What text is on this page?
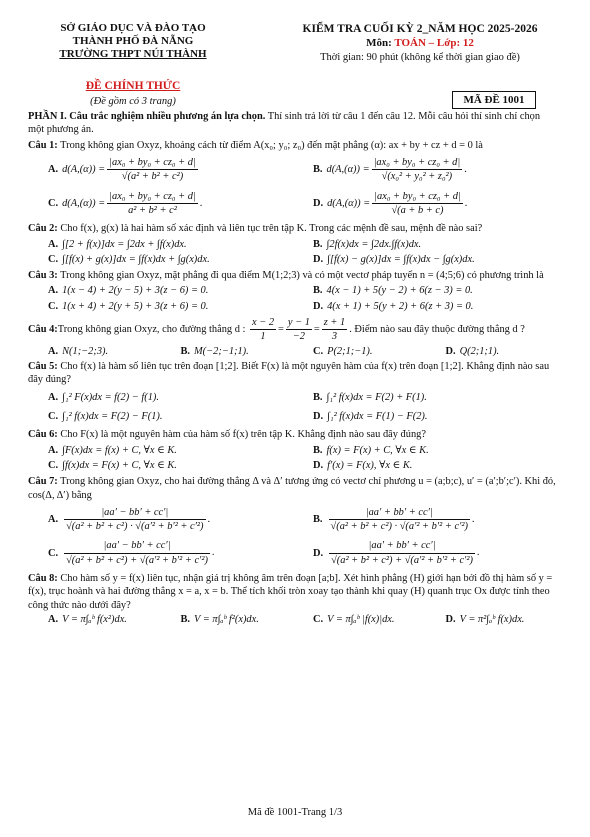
SỞ GIÁO DỤC VÀ ĐÀO TẠO
THÀNH PHỐ ĐÀ NẴNG
TRƯỜNG THPT NÚI THÀNH
ĐỀ CHÍNH THỨC
(Đề gồm có 3 trang)
KIỂM TRA CUỐI KỲ 2_NĂM HỌC 2025-2026
Môn: TOÁN – Lớp: 12
Thời gian: 90 phút (không kể thời gian giao đề)
MÃ ĐỀ 1001
PHẦN I. Câu trắc nghiệm nhiều phương án lựa chọn. Thí sinh trả lời từ câu 1 đến câu 12. Mỗi câu hỏi thí sinh chỉ chọn một phương án.
Câu 1: Trong không gian Oxyz, khoảng cách từ điểm A(x₀; y₀; z₀) đến mặt phẳng (α): ax + by + cz + d = 0 là
A. $d(A,(\alpha)) = \frac{\text{|ax₀ + by₀ + cz₀ + d|}}{\text{√(a² + b² + c²)}}$	B. $d(A,(\alpha)) = \frac{\text{|ax₀ + by₀ + cz₀ + d|}}{\text{√(x₀² + y₀² + z₀²)}}$ .
C. $d(A,(\alpha)) = \frac{\text{|ax₀ + by₀ + cz₀ + d|}}{\text{a² + b² + c²}}$ .	D. $d(A,(\alpha)) = \frac{\text{|ax₀ + by₀ + cz₀ + d|}}{√(a + b + c)}$ .
Câu 2: Cho f(x), g(x) là hai hàm số xác định và liên tục trên tập K. Trong các mệnh đề sau, mệnh đề nào sai?
A. ∫[2 + f(x)]dx = ∫2dx + ∫f(x)dx.	B. ∫2f(x)dx = ∫2dx.∫f(x)dx.
C. ∫[f(x) + g(x)]dx = ∫f(x)dx + ∫g(x)dx.	D. ∫[f(x) − g(x)]dx = ∫f(x)dx − ∫g(x)dx.
Câu 3: Trong không gian Oxyz, mặt phẳng đi qua điểm M(1;2;3) và có một vectơ pháp tuyến n = (4;5;6) có phương trình là
A. 1(x − 4) + 2(y − 5) + 3(z − 6) = 0.	B. 4(x − 1) + 5(y − 2) + 6(z − 3) = 0.
C. 1(x + 4) + 2(y + 5) + 3(z + 6) = 0.	D. 4(x + 1) + 5(y + 2) + 6(z + 3) = 0.
Câu 4:Trong không gian Oxyz, cho đường thẳng d : $\frac{x - 2}{1} = \frac{y - 1}{-2} = \frac{z + 1}{3}$ . Điểm nào sau đây thuộc đường thẳng d ?
A. N(1;−2;3).	B. M(−2;−1;1).	C. P(2;1;−1).	D. Q(2;1;1).
Câu 5: Cho f(x) là hàm số liên tục trên đoạn [1;2]. Biết F(x) là một nguyên hàm của f(x) trên đoạn [1;2]. Khẳng định nào sau đây đúng?
A. ∫₁² F(x)dx = f(2) − f(1).	B. ∫₁² f(x)dx = F(2) + F(1).
C. ∫₁² f(x)dx = F(2) − F(1).	D. ∫₁² f(x)dx = F(1) − F(2).
Câu 6: Cho F(x) là một nguyên hàm của hàm số f(x) trên tập K. Khẳng định nào sau đây đúng?
A. ∫F(x)dx = f(x) + C, ∀x ∈ K.	B. f(x) = F(x) + C, ∀x ∈ K.
C. ∫f(x)dx = F(x) + C, ∀x ∈ K.	D. f′(x) = F(x), ∀x ∈ K.
Câu 7: Trong không gian Oxyz, cho hai đường thẳng Δ và Δ′ tương ứng có vectơ chỉ phương u = (a;b;c), u′ = (a′;b′;c′). Khi đó, cos(Δ, Δ′) bằng
A. $\frac{|aa' - bb' + cc'|}{\text{√(a² + b² + c²) · √(a′² + b′² + c′²)}}$ .	B. $\frac{|aa' + bb' + cc'|}{\text{√(a² + b² + c²) · √(a′² + b′² + c′²)}}$ .
C. $\frac{|aa' - bb' + cc'|}{\text{√(a² + b² + c²) + √(a′² + b′² + c′²)}}$ .	D. $\frac{|aa' + bb' + cc'|}{\text{√(a² + b² + c²) + √(a′² + b′² + c′²)}}$ .
Câu 8: Cho hàm số y = f(x) liên tục, nhận giá trị không âm trên đoạn [a;b]. Xét hình phẳng (H) giới hạn bởi đồ thị hàm số y = f(x), trục hoành và hai đường thẳng x = a, x = b. Thể tích khối tròn xoay tạo thành khi quay (H) quanh trục Ox được tính theo công thức nào dưới đây?
A. V = π∫ₐᵇ f(x²)dx.	B. V = π∫ₐᵇ f²(x)dx.	C. V = π∫ₐᵇ |f(x)|dx.	D. V = π²∫ₐᵇ f(x)dx.
Mã đề 1001-Trang 1/3
